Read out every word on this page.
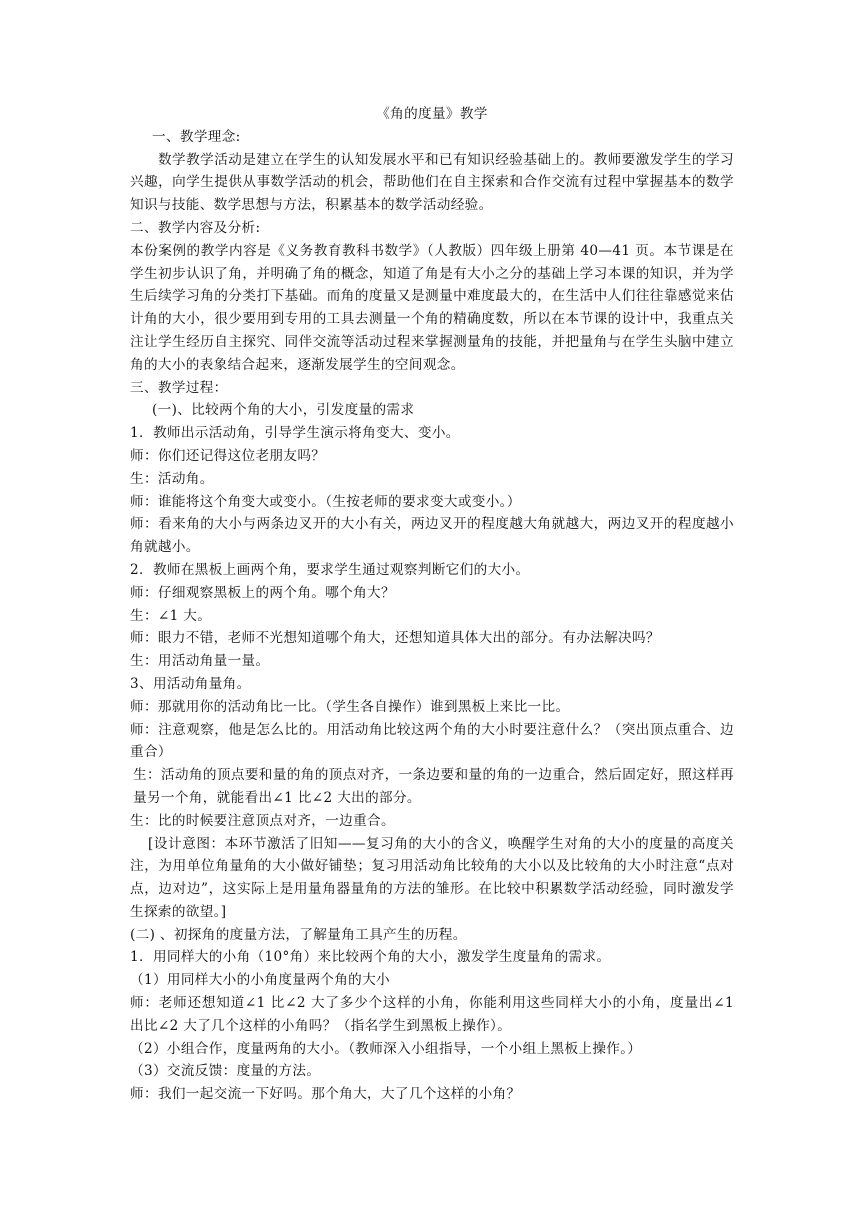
《角的度量》教学

一、教学理念:

数学教学活动是建立在学生的认知发展水平和已有知识经验基础上的。教师要激发学生的学习兴趣，向学生提供从事数学活动的机会，帮助他们在自主探索和合作交流有过程中掌握基本的数学知识与技能、数学思想与方法，积累基本的数学活动经验。

二、教学内容及分析:

本份案例的教学内容是《义务教育教科书数学》（人教版）四年级上册第 40—41 页。本节课是在学生初步认识了角，并明确了角的概念，知道了角是有大小之分的基础上学习本课的知识，并为学生后续学习角的分类打下基础。而角的度量又是测量中难度最大的，在生活中人们往往靠感觉来估计角的大小，很少要用到专用的工具去测量一个角的精确度数，所以在本节课的设计中，我重点关注让学生经历自主探究、同伴交流等活动过程来掌握测量角的技能，并把量角与在学生头脑中建立角的大小的表象结合起来，逐渐发展学生的空间观念。

三、教学过程：

(一)、比较两个角的大小，引发度量的需求

1．教师出示活动角，引导学生演示将角变大、变小。

师：你们还记得这位老朋友吗？

生：活动角。

师：谁能将这个角变大或变小。（生按老师的要求变大或变小。）

师：看来角的大小与两条边叉开的大小有关，两边叉开的程度越大角就越大，两边叉开的程度越小角就越小。

2．教师在黑板上画两个角，要求学生通过观察判断它们的大小。

师：仔细观察黑板上的两个角。哪个角大？

生：∠1 大。

师：眼力不错，老师不光想知道哪个角大，还想知道具体大出的部分。有办法解决吗？

生：用活动角量一量。

3、用活动角量角。

师：那就用你的活动角比一比。（学生各自操作）谁到黑板上来比一比。

师：注意观察，他是怎么比的。用活动角比较这两个角的大小时要注意什么？（突出顶点重合、边重合）

生：活动角的顶点要和量的角的顶点对齐，一条边要和量的角的一边重合，然后固定好，照这样再量另一个角，就能看出∠1 比∠2 大出的部分。

生：比的时候要注意顶点对齐，一边重合。

[设计意图：本环节激活了旧知——复习角的大小的含义，唤醒学生对角的大小的度量的高度关注，为用单位角量角的大小做好铺垫；复习用活动角比较角的大小以及比较角的大小时注意“点对点，边对边”，这实际上是用量角器量角的方法的雏形。在比较中积累数学活动经验，同时激发学生探索的欲望。]

(二) 、初探角的度量方法，了解量角工具产生的历程。

1．用同样大的小角（10°角）来比较两个角的大小，激发学生度量角的需求。

（1）用同样大小的小角度量两个角的大小

师：老师还想知道∠1 比∠2 大了多少个这样的小角，你能利用这些同样大小的小角，度量出∠1 出比∠2 大了几个这样的小角吗？（指名学生到黑板上操作）。

（2）小组合作，度量两角的大小。（教师深入小组指导，一个小组上黑板上操作。）

（3）交流反馈：度量的方法。

师：我们一起交流一下好吗。那个角大，大了几个这样的小角？
